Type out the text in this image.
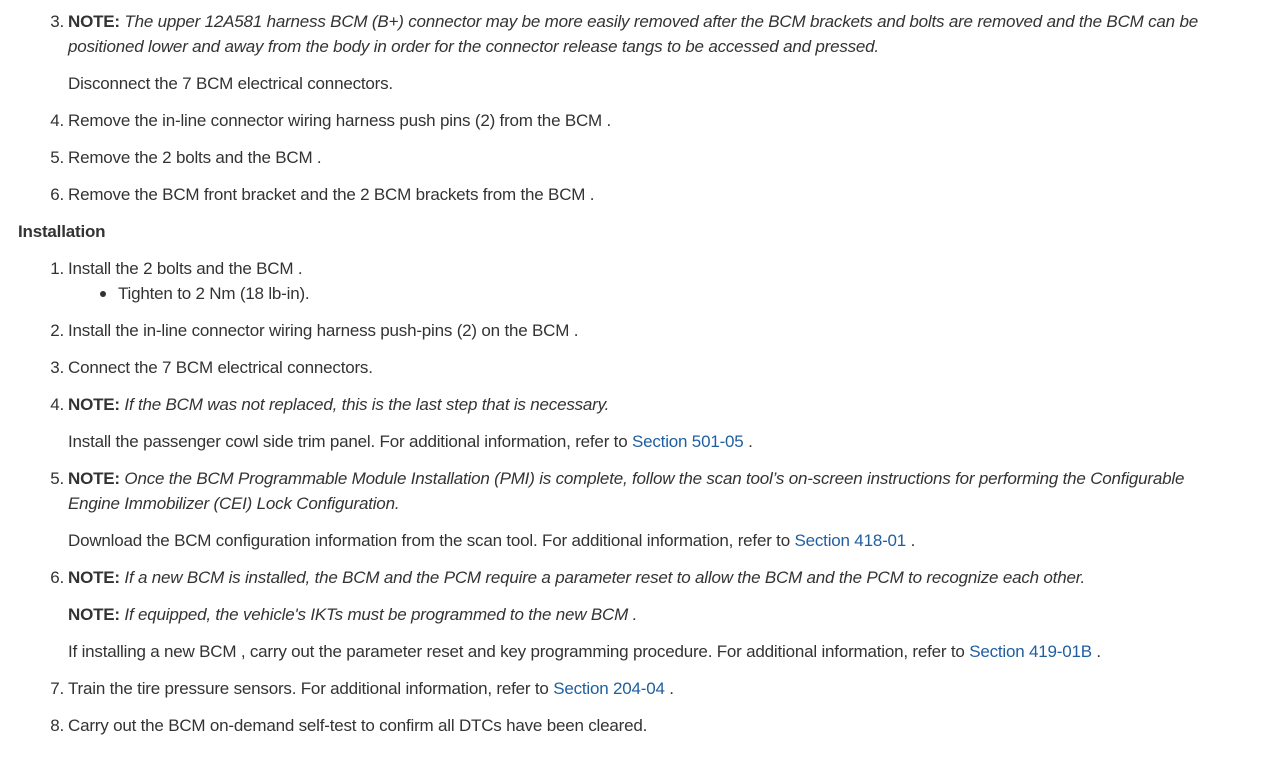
3. NOTE: The upper 12A581 harness BCM (B+) connector may be more easily removed after the BCM brackets and bolts are removed and the BCM can be positioned lower and away from the body in order for the connector release tangs to be accessed and pressed.
Disconnect the 7 BCM electrical connectors.
4. Remove the in-line connector wiring harness push pins (2) from the BCM .
5. Remove the 2 bolts and the BCM .
6. Remove the BCM front bracket and the 2 BCM brackets from the BCM .
Installation
1. Install the 2 bolts and the BCM .
Tighten to 2 Nm (18 lb-in).
2. Install the in-line connector wiring harness push-pins (2) on the BCM .
3. Connect the 7 BCM electrical connectors.
4. NOTE: If the BCM was not replaced, this is the last step that is necessary.
Install the passenger cowl side trim panel. For additional information, refer to Section 501-05 .
5. NOTE: Once the BCM Programmable Module Installation (PMI) is complete, follow the scan tool’s on-screen instructions for performing the Configurable Engine Immobilizer (CEI) Lock Configuration.
Download the BCM configuration information from the scan tool. For additional information, refer to Section 418-01 .
6. NOTE: If a new BCM is installed, the BCM and the PCM require a parameter reset to allow the BCM and the PCM to recognize each other.
NOTE: If equipped, the vehicle's IKTs must be programmed to the new BCM .
If installing a new BCM , carry out the parameter reset and key programming procedure. For additional information, refer to Section 419-01B .
7. Train the tire pressure sensors. For additional information, refer to Section 204-04 .
8. Carry out the BCM on-demand self-test to confirm all DTCs have been cleared.
